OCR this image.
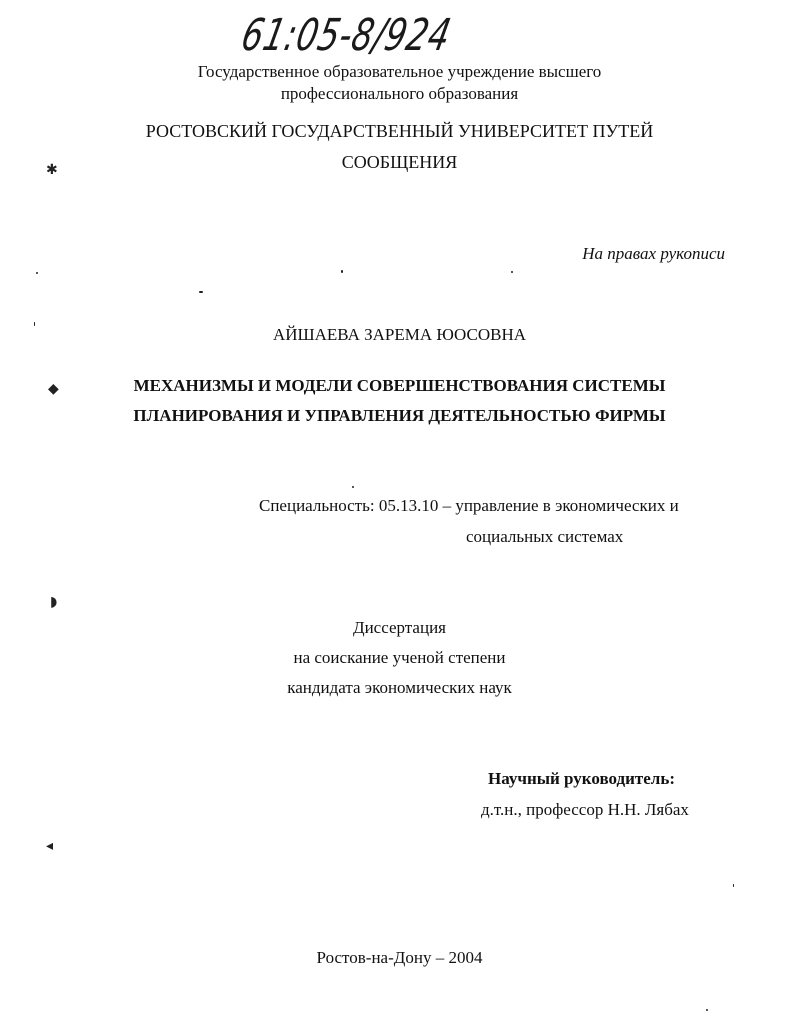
61:05-8/924
Государственное образовательное учреждение высшего
профессионального образования
РОСТОВСКИЙ ГОСУДАРСТВЕННЫЙ УНИВЕРСИТЕТ ПУТЕЙ
СООБЩЕНИЯ
На правах рукописи
АЙШАЕВА ЗАРЕМА ЮОСОВНА
МЕХАНИЗМЫ И МОДЕЛИ СОВЕРШЕНСТВОВАНИЯ СИСТЕМЫ
ПЛАНИРОВАНИЯ И УПРАВЛЕНИЯ ДЕЯТЕЛЬНОСТЬЮ ФИРМЫ
Специальность: 05.13.10 – управление в экономических и
социальных системах
Диссертация
на соискание ученой степени
кандидата экономических наук
Научный руководитель:
д.т.н., профессор Н.Н. Лябах
Ростов-на-Дону – 2004
✱
◆
◗
◂
